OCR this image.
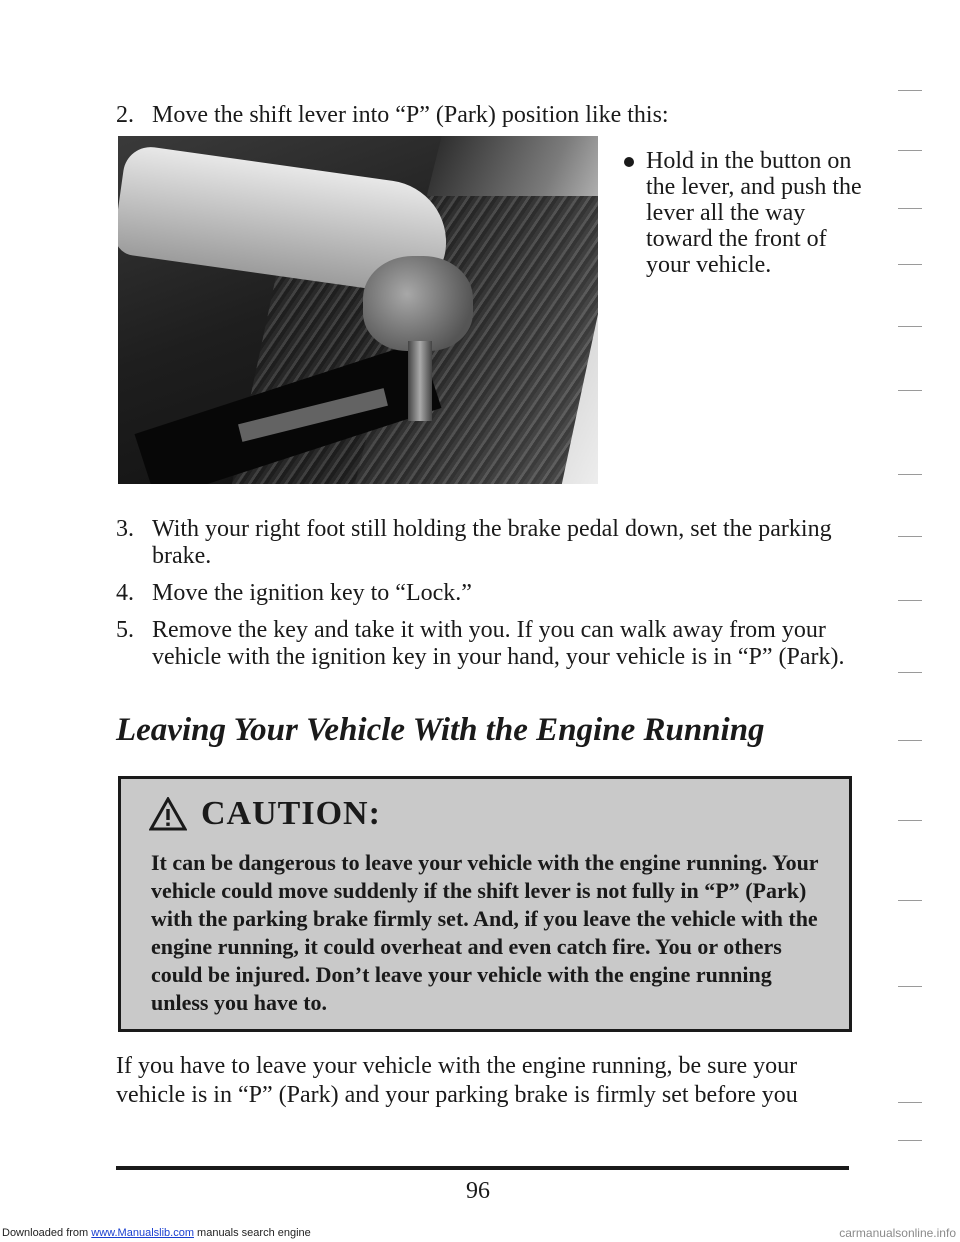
2. Move the shift lever into “P” (Park) position like this:
Hold in the button on the lever, and push the lever all the way toward the front of your vehicle.
3. With your right foot still holding the brake pedal down, set the parking brake.
4. Move the ignition key to “Lock.”
5. Remove the key and take it with you. If you can walk away from your vehicle with the ignition key in your hand, your vehicle is in “P” (Park).
Leaving Your Vehicle With the Engine Running
CAUTION:
It can be dangerous to leave your vehicle with the engine running. Your vehicle could move suddenly if the shift lever is not fully in “P” (Park) with the parking brake firmly set. And, if you leave the vehicle with the engine running, it could overheat and even catch fire. You or others could be injured. Don’t leave your vehicle with the engine running unless you have to.
If you have to leave your vehicle with the engine running, be sure your vehicle is in “P” (Park) and your parking brake is firmly set before you
96
Downloaded from www.Manualslib.com manuals search engine	carmanualsonline.info
